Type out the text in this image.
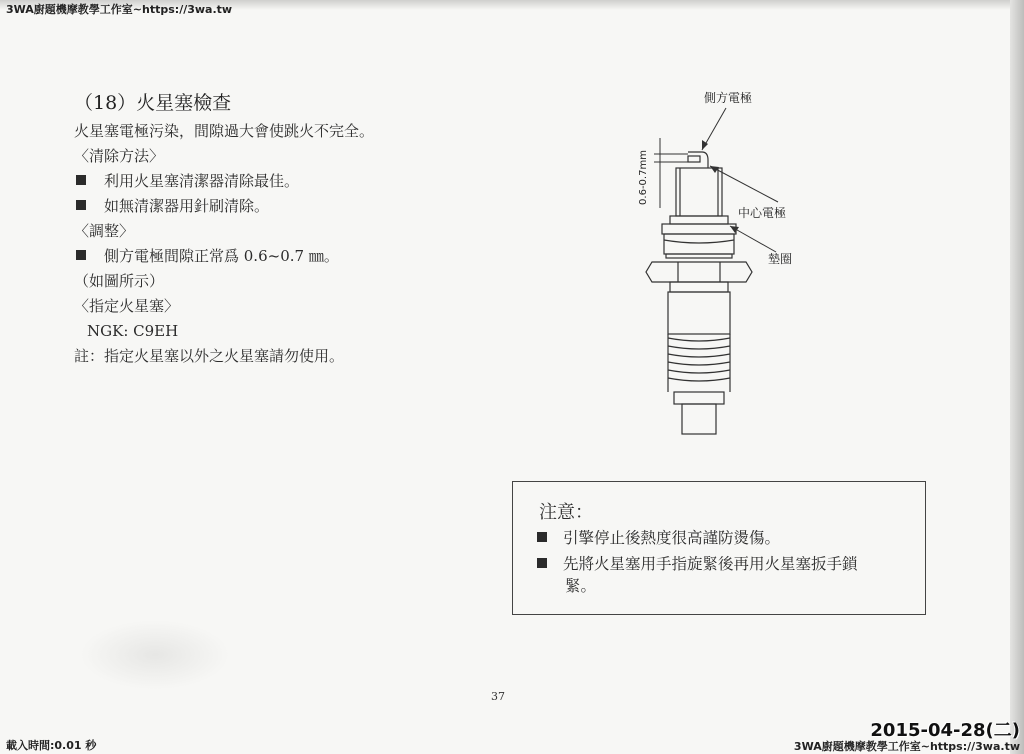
3WA廚題機摩教學工作室~https://3wa.tw
（18）火星塞檢查
火星塞電極污染，間隙過大會使跳火不完全。
〈清除方法〉
利用火星塞清潔器清除最佳。
如無清潔器用針刷清除。
〈調整〉
側方電極間隙正常爲 0.6~0.7 ㎜。
（如圖所示）
〈指定火星塞〉
NGK: C9EH
註：指定火星塞以外之火星塞請勿使用。
側方電極
中心電極
墊圈
0.6-0.7mm
注意：
引擎停止後熱度很高謹防燙傷。
先將火星塞用手指旋緊後再用火星塞扳手鎖
緊。
37
2015-04-28(二)
載入時間:0.01 秒	3WA廚題機摩教學工作室~https://3wa.tw
